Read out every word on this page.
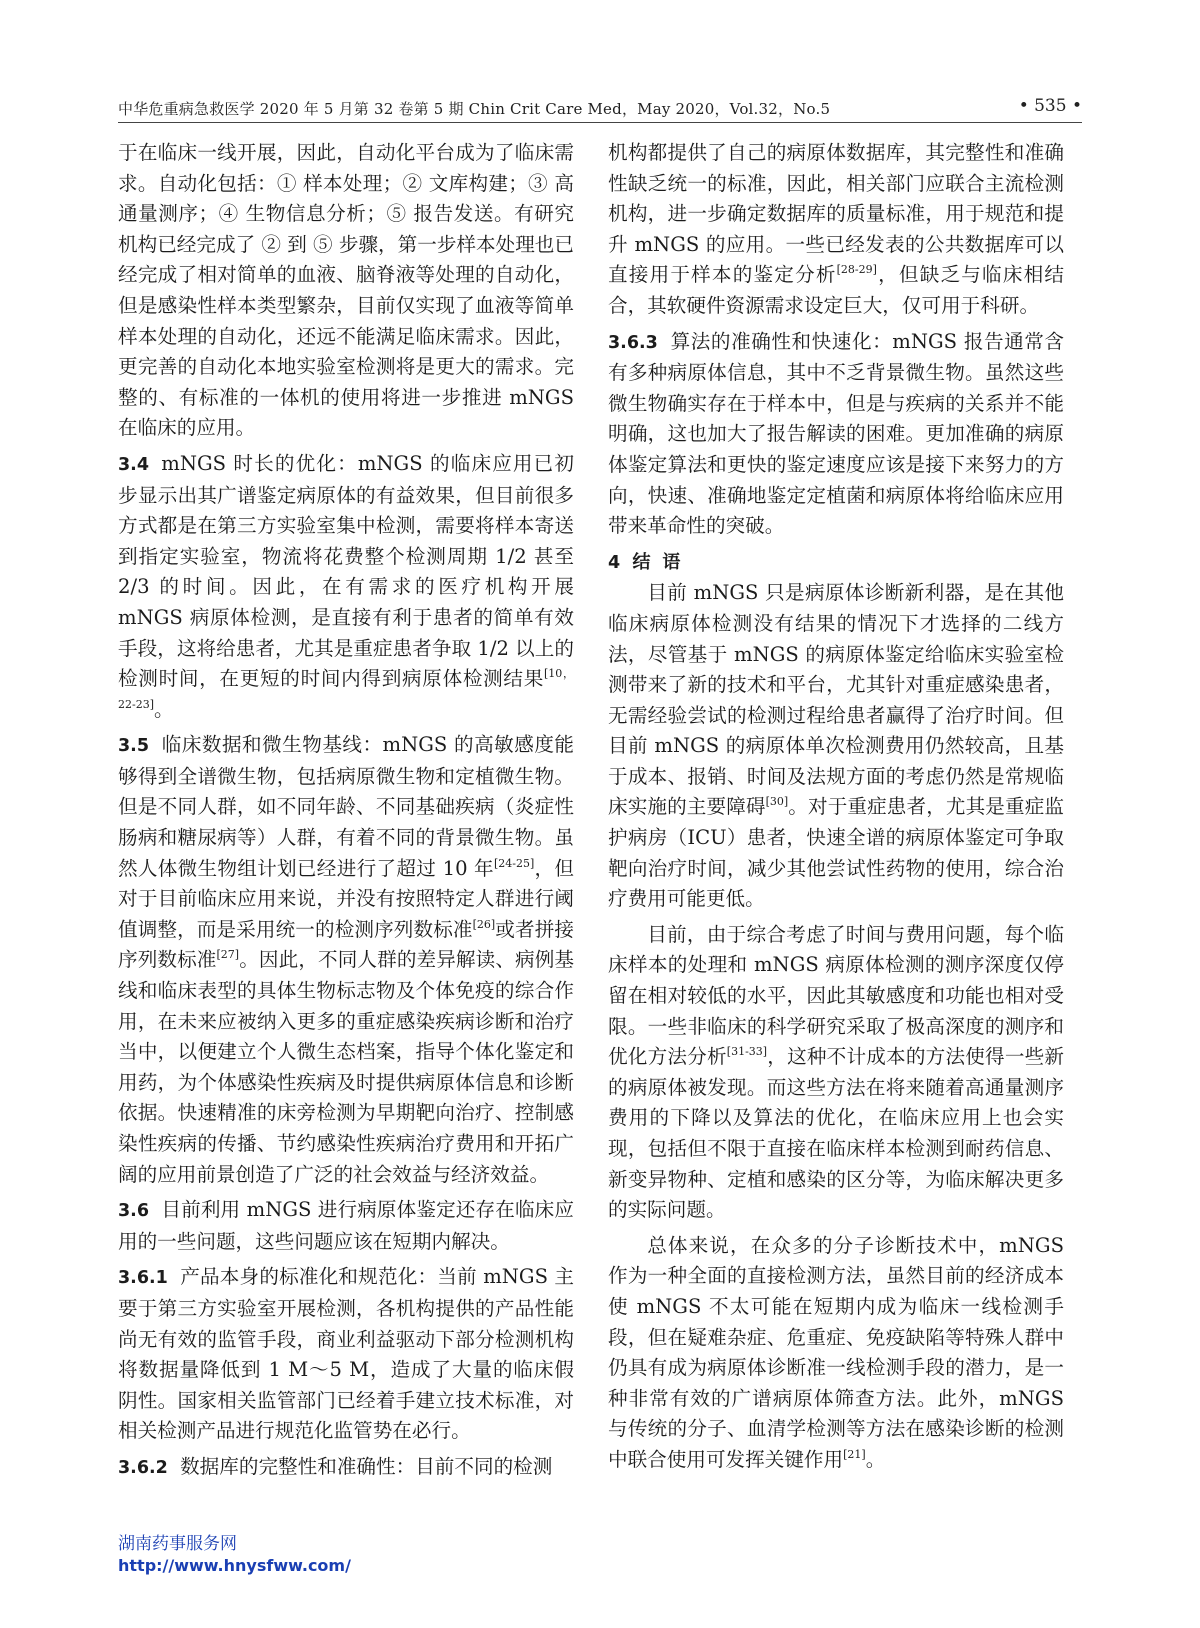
中华危重病急救医学 2020 年 5 月第 32 卷第 5 期 Chin Crit Care Med，May 2020，Vol.32，No.5	• 535 •

于在临床一线开展，因此，自动化平台成为了临床需求。自动化包括：① 样本处理；② 文库构建；③ 高通量测序；④ 生物信息分析；⑤ 报告发送。有研究机构已经完成了 ② 到 ⑤ 步骤，第一步样本处理也已经完成了相对简单的血液、脑脊液等处理的自动化，但是感染性样本类型繁杂，目前仅实现了血液等简单样本处理的自动化，还远不能满足临床需求。因此，更完善的自动化本地实验室检测将是更大的需求。完整的、有标准的一体机的使用将进一步推进 mNGS 在临床的应用。

3.4 mNGS 时长的优化：mNGS 的临床应用已初步显示出其广谱鉴定病原体的有益效果，但目前很多方式都是在第三方实验室集中检测，需要将样本寄送到指定实验室，物流将花费整个检测周期 1/2 甚至 2/3 的时间。因此，在有需求的医疗机构开展 mNGS 病原体检测，是直接有利于患者的简单有效手段，这将给患者，尤其是重症患者争取 1/2 以上的检测时间，在更短的时间内得到病原体检测结果[10，22-23]。

3.5 临床数据和微生物基线：mNGS 的高敏感度能够得到全谱微生物，包括病原微生物和定植微生物。但是不同人群，如不同年龄、不同基础疾病（炎症性肠病和糖尿病等）人群，有着不同的背景微生物。虽然人体微生物组计划已经进行了超过 10 年[24-25]，但对于目前临床应用来说，并没有按照特定人群进行阈值调整，而是采用统一的检测序列数标准[26]或者拼接序列数标准[27]。因此，不同人群的差异解读、病例基线和临床表型的具体生物标志物及个体免疫的综合作用，在未来应被纳入更多的重症感染疾病诊断和治疗当中，以便建立个人微生态档案，指导个体化鉴定和用药，为个体感染性疾病及时提供病原体信息和诊断依据。快速精准的床旁检测为早期靶向治疗、控制感染性疾病的传播、节约感染性疾病治疗费用和开拓广阔的应用前景创造了广泛的社会效益与经济效益。

3.6 目前利用 mNGS 进行病原体鉴定还存在临床应用的一些问题，这些问题应该在短期内解决。

3.6.1 产品本身的标准化和规范化：当前 mNGS 主要于第三方实验室开展检测，各机构提供的产品性能尚无有效的监管手段，商业利益驱动下部分检测机构将数据量降低到 1 M～5 M，造成了大量的临床假阴性。国家相关监管部门已经着手建立技术标准，对相关检测产品进行规范化监管势在必行。

3.6.2 数据库的完整性和准确性：目前不同的检测

机构都提供了自己的病原体数据库，其完整性和准确性缺乏统一的标准，因此，相关部门应联合主流检测机构，进一步确定数据库的质量标准，用于规范和提升 mNGS 的应用。一些已经发表的公共数据库可以直接用于样本的鉴定分析[28-29]，但缺乏与临床相结合，其软硬件资源需求设定巨大，仅可用于科研。

3.6.3 算法的准确性和快速化：mNGS 报告通常含有多种病原体信息，其中不乏背景微生物。虽然这些微生物确实存在于样本中，但是与疾病的关系并不能明确，这也加大了报告解读的困难。更加准确的病原体鉴定算法和更快的鉴定速度应该是接下来努力的方向，快速、准确地鉴定定植菌和病原体将给临床应用带来革命性的突破。

4 结语

目前 mNGS 只是病原体诊断新利器，是在其他临床病原体检测没有结果的情况下才选择的二线方法，尽管基于 mNGS 的病原体鉴定给临床实验室检测带来了新的技术和平台，尤其针对重症感染患者，无需经验尝试的检测过程给患者赢得了治疗时间。但目前 mNGS 的病原体单次检测费用仍然较高，且基于成本、报销、时间及法规方面的考虑仍然是常规临床实施的主要障碍[30]。对于重症患者，尤其是重症监护病房（ICU）患者，快速全谱的病原体鉴定可争取靶向治疗时间，减少其他尝试性药物的使用，综合治疗费用可能更低。

目前，由于综合考虑了时间与费用问题，每个临床样本的处理和 mNGS 病原体检测的测序深度仅停留在相对较低的水平，因此其敏感度和功能也相对受限。一些非临床的科学研究采取了极高深度的测序和优化方法分析[31-33]，这种不计成本的方法使得一些新的病原体被发现。而这些方法在将来随着高通量测序费用的下降以及算法的优化，在临床应用上也会实现，包括但不限于直接在临床样本检测到耐药信息、新变异物种、定植和感染的区分等，为临床解决更多的实际问题。

总体来说，在众多的分子诊断技术中，mNGS 作为一种全面的直接检测方法，虽然目前的经济成本使 mNGS 不太可能在短期内成为临床一线检测手段，但在疑难杂症、危重症、免疫缺陷等特殊人群中仍具有成为病原体诊断准一线检测手段的潜力，是一种非常有效的广谱病原体筛查方法。此外，mNGS 与传统的分子、血清学检测等方法在感染诊断的检测中联合使用可发挥关键作用[21]。

湖南药事服务网
http://www.hnysfww.com/
